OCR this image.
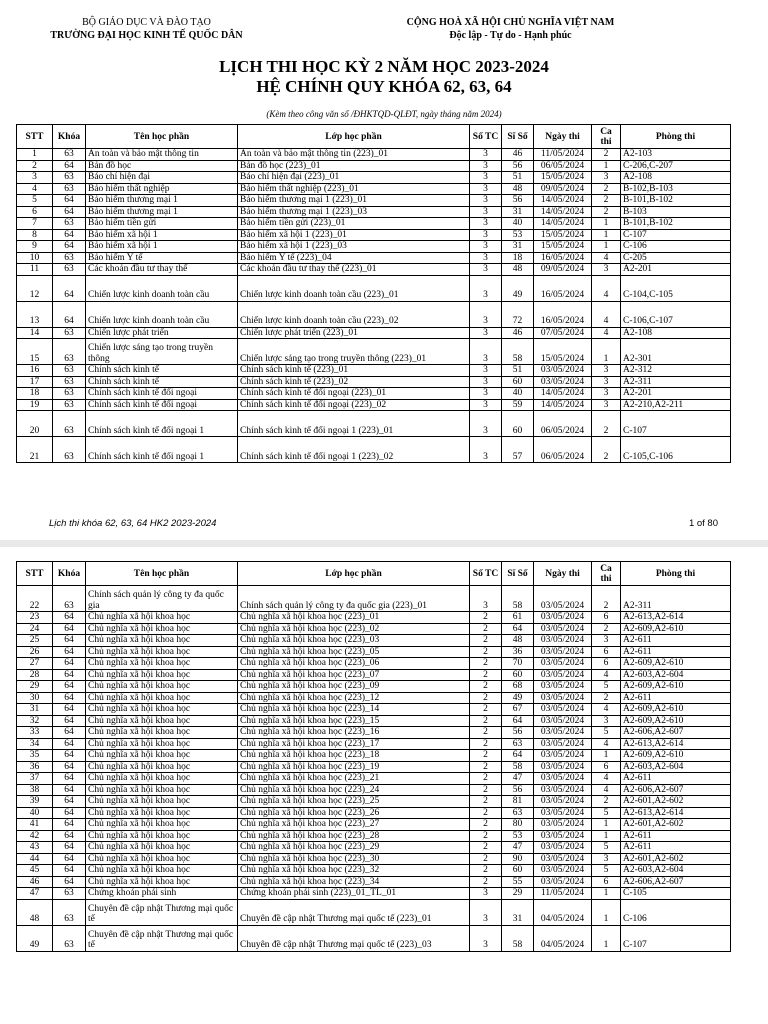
BỘ GIÁO DỤC VÀ ĐÀO TẠO
TRƯỜNG ĐẠI HỌC KINH TẾ QUỐC DÂN
CỘNG HOÀ XÃ HỘI CHỦ NGHĨA VIỆT NAM
Độc lập - Tự do - Hạnh phúc
LỊCH THI HỌC KỲ 2 NĂM HỌC 2023-2024
HỆ CHÍNH QUY KHÓA 62, 63, 64
(Kèm theo công văn số /ĐHKTQD-QLĐT, ngày tháng năm 2024)
STT	Khóa	Tên học phần	Lớp học phần	Số TC	Sĩ Số	Ngày thi	Ca thi	Phòng thi
1	63	An toàn và bảo mật thông tin	An toàn và bảo mật thông tin (223)_01	3	46	11/05/2024	2	A2-103
2	64	Bản đồ học	Bản đồ học (223)_01	3	56	06/05/2024	1	C-206,C-207
3	63	Báo chí hiện đại	Báo chí hiện đại (223)_01	3	51	15/05/2024	3	A2-108
4	63	Bảo hiểm thất nghiệp	Bảo hiểm thất nghiệp (223)_01	3	48	09/05/2024	2	B-102,B-103
5	64	Bảo hiểm thương mại 1	Bảo hiểm thương mại 1 (223)_01	3	56	14/05/2024	2	B-101,B-102
6	64	Bảo hiểm thương mại 1	Bảo hiểm thương mại 1 (223)_03	3	31	14/05/2024	2	B-103
7	63	Bảo hiểm tiền gửi	Bảo hiểm tiền gửi (223)_01	3	40	14/05/2024	1	B-101,B-102
8	64	Bảo hiểm xã hội 1	Bảo hiểm xã hội 1 (223)_01	3	53	15/05/2024	1	C-107
9	64	Bảo hiểm xã hội 1	Bảo hiểm xã hội 1 (223)_03	3	31	15/05/2024	1	C-106
10	63	Bảo hiểm Y tế	Bảo hiểm Y tế (223)_04	3	18	16/05/2024	4	C-205
11	63	Các khoản đầu tư thay thế	Các khoản đầu tư thay thế (223)_01	3	48	09/05/2024	3	A2-201
12	64	Chiến lược kinh doanh toàn cầu	Chiến lược kinh doanh toàn cầu (223)_01	3	49	16/05/2024	4	C-104,C-105
13	64	Chiến lược kinh doanh toàn cầu	Chiến lược kinh doanh toàn cầu (223)_02	3	72	16/05/2024	4	C-106,C-107
14	63	Chiến lược phát triển	Chiến lược phát triển (223)_01	3	46	07/05/2024	4	A2-108
15	63	Chiến lược sáng tạo trong truyền thông	Chiến lược sáng tạo trong truyền thông (223)_01	3	58	15/05/2024	1	A2-301
16	63	Chính sách kinh tế	Chính sách kinh tế (223)_01	3	51	03/05/2024	3	A2-312
17	63	Chính sách kinh tế	Chính sách kinh tế (223)_02	3	60	03/05/2024	3	A2-311
18	63	Chính sách kinh tế đối ngoại	Chính sách kinh tế đối ngoại (223)_01	3	40	14/05/2024	3	A2-201
19	63	Chính sách kinh tế đối ngoại	Chính sách kinh tế đối ngoại (223)_02	3	59	14/05/2024	3	A2-210,A2-211
20	63	Chính sách kinh tế đối ngoại 1	Chính sách kinh tế đối ngoại 1 (223)_01	3	60	06/05/2024	2	C-107
21	63	Chính sách kinh tế đối ngoại 1	Chính sách kinh tế đối ngoại 1 (223)_02	3	57	06/05/2024	2	C-105,C-106
Lịch thi khóa 62, 63, 64 HK2 2023-2024	1 of 80
STT	Khóa	Tên học phần	Lớp học phần	Số TC	Sĩ Số	Ngày thi	Ca thi	Phòng thi
22	63	Chính sách quản lý công ty đa quốc gia	Chính sách quản lý công ty đa quốc gia (223)_01	3	58	03/05/2024	2	A2-311
23	64	Chủ nghĩa xã hội khoa học	Chủ nghĩa xã hội khoa học (223)_01	2	61	03/05/2024	6	A2-613,A2-614
24	64	Chủ nghĩa xã hội khoa học	Chủ nghĩa xã hội khoa học (223)_02	2	64	03/05/2024	2	A2-609,A2-610
25	64	Chủ nghĩa xã hội khoa học	Chủ nghĩa xã hội khoa học (223)_03	2	48	03/05/2024	3	A2-611
26	64	Chủ nghĩa xã hội khoa học	Chủ nghĩa xã hội khoa học (223)_05	2	36	03/05/2024	6	A2-611
27	64	Chủ nghĩa xã hội khoa học	Chủ nghĩa xã hội khoa học (223)_06	2	70	03/05/2024	6	A2-609,A2-610
28	64	Chủ nghĩa xã hội khoa học	Chủ nghĩa xã hội khoa học (223)_07	2	60	03/05/2024	4	A2-603,A2-604
29	64	Chủ nghĩa xã hội khoa học	Chủ nghĩa xã hội khoa học (223)_09	2	68	03/05/2024	5	A2-609,A2-610
30	64	Chủ nghĩa xã hội khoa học	Chủ nghĩa xã hội khoa học (223)_12	2	49	03/05/2024	2	A2-611
31	64	Chủ nghĩa xã hội khoa học	Chủ nghĩa xã hội khoa học (223)_14	2	67	03/05/2024	4	A2-609,A2-610
32	64	Chủ nghĩa xã hội khoa học	Chủ nghĩa xã hội khoa học (223)_15	2	64	03/05/2024	3	A2-609,A2-610
33	64	Chủ nghĩa xã hội khoa học	Chủ nghĩa xã hội khoa học (223)_16	2	56	03/05/2024	5	A2-606,A2-607
34	64	Chủ nghĩa xã hội khoa học	Chủ nghĩa xã hội khoa học (223)_17	2	63	03/05/2024	4	A2-613,A2-614
35	64	Chủ nghĩa xã hội khoa học	Chủ nghĩa xã hội khoa học (223)_18	2	64	03/05/2024	1	A2-609,A2-610
36	64	Chủ nghĩa xã hội khoa học	Chủ nghĩa xã hội khoa học (223)_19	2	58	03/05/2024	6	A2-603,A2-604
37	64	Chủ nghĩa xã hội khoa học	Chủ nghĩa xã hội khoa học (223)_21	2	47	03/05/2024	4	A2-611
38	64	Chủ nghĩa xã hội khoa học	Chủ nghĩa xã hội khoa học (223)_24	2	56	03/05/2024	4	A2-606,A2-607
39	64	Chủ nghĩa xã hội khoa học	Chủ nghĩa xã hội khoa học (223)_25	2	81	03/05/2024	2	A2-601,A2-602
40	64	Chủ nghĩa xã hội khoa học	Chủ nghĩa xã hội khoa học (223)_26	2	63	03/05/2024	5	A2-613,A2-614
41	64	Chủ nghĩa xã hội khoa học	Chủ nghĩa xã hội khoa học (223)_27	2	80	03/05/2024	1	A2-601,A2-602
42	64	Chủ nghĩa xã hội khoa học	Chủ nghĩa xã hội khoa học (223)_28	2	53	03/05/2024	1	A2-611
43	64	Chủ nghĩa xã hội khoa học	Chủ nghĩa xã hội khoa học (223)_29	2	47	03/05/2024	5	A2-611
44	64	Chủ nghĩa xã hội khoa học	Chủ nghĩa xã hội khoa học (223)_30	2	90	03/05/2024	3	A2-601,A2-602
45	64	Chủ nghĩa xã hội khoa học	Chủ nghĩa xã hội khoa học (223)_32	2	60	03/05/2024	5	A2-603,A2-604
46	64	Chủ nghĩa xã hội khoa học	Chủ nghĩa xã hội khoa học (223)_34	2	55	03/05/2024	6	A2-606,A2-607
47	63	Chứng khoán phái sinh	Chứng khoán phái sinh (223)_01_TL_01	3	29	11/05/2024	1	C-105
48	63	Chuyên đề cập nhật Thương mại quốc tế	Chuyên đề cập nhật Thương mại quốc tế (223)_01	3	31	04/05/2024	1	C-106
49	63	Chuyên đề cập nhật Thương mại quốc tế	Chuyên đề cập nhật Thương mại quốc tế (223)_03	3	58	04/05/2024	1	C-107
